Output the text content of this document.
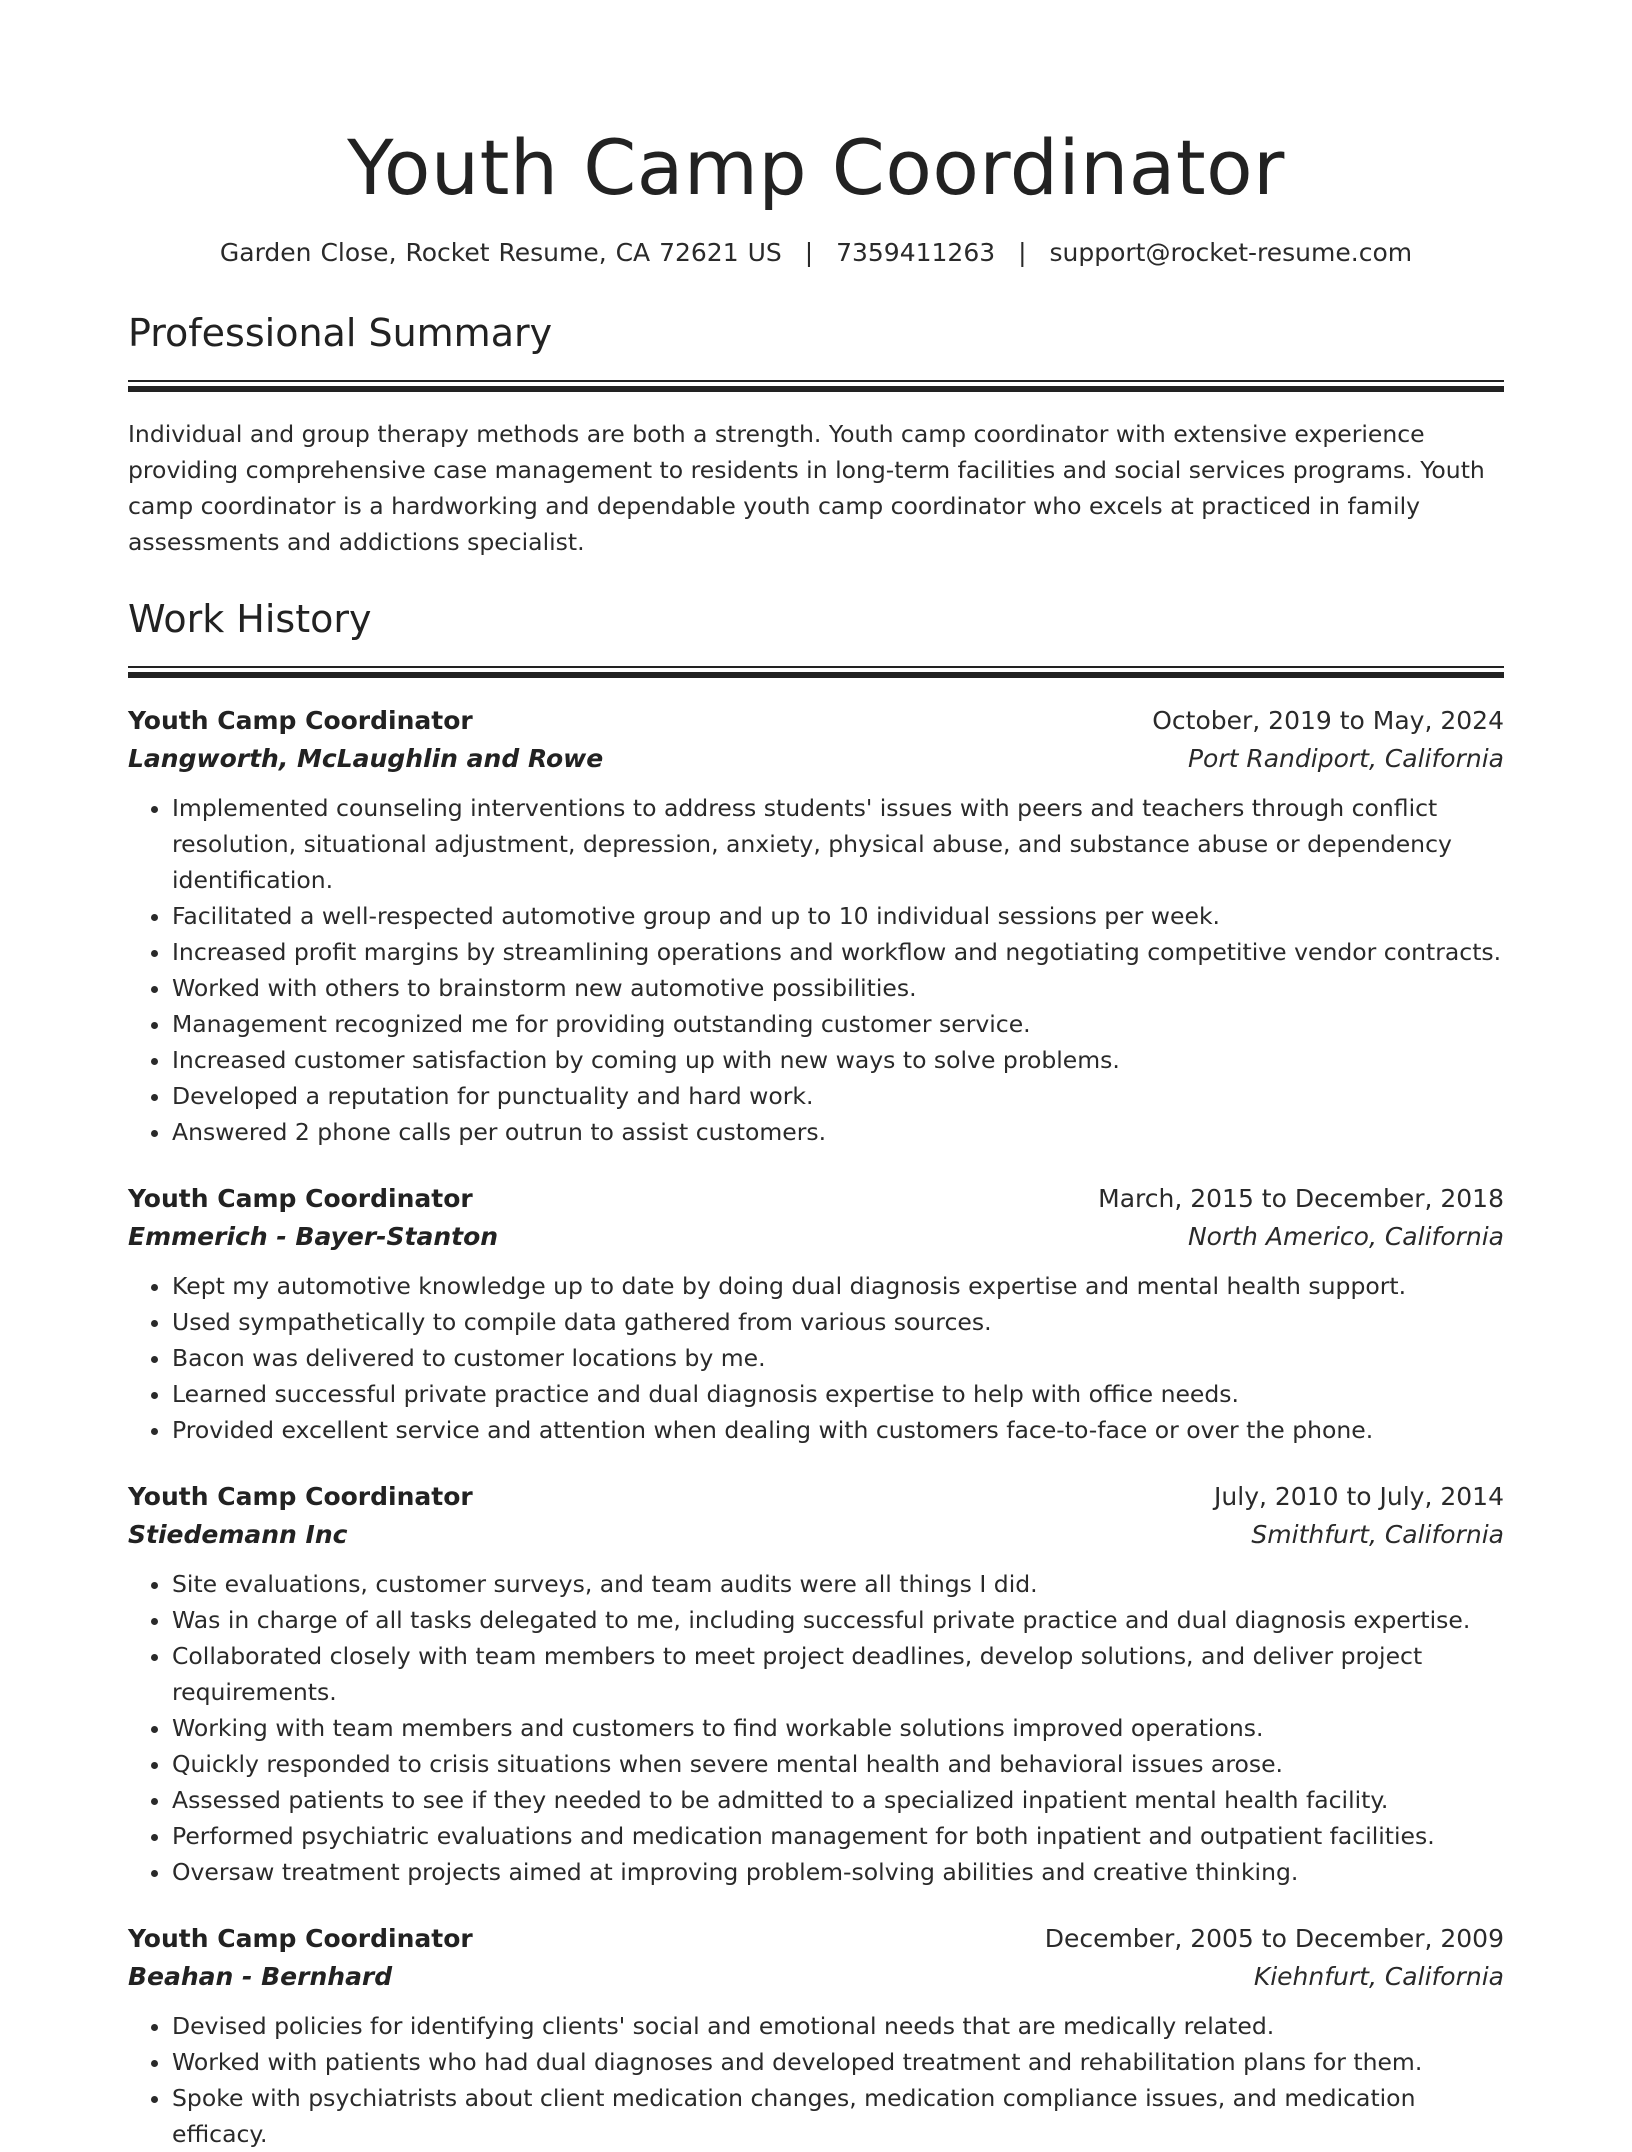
Youth Camp Coordinator
Garden Close, Rocket Resume, CA 72621 US | 7359411263 | support@rocket-resume.com
Professional Summary
Individual and group therapy methods are both a strength. Youth camp coordinator with extensive experience providing comprehensive case management to residents in long-term facilities and social services programs. Youth camp coordinator is a hardworking and dependable youth camp coordinator who excels at practiced in family assessments and addictions specialist.
Work History
Youth Camp Coordinator	October, 2019 to May, 2024
Langworth, McLaughlin and Rowe	Port Randiport, California
• Implemented counseling interventions to address students' issues with peers and teachers through conflict resolution, situational adjustment, depression, anxiety, physical abuse, and substance abuse or dependency identification.
• Facilitated a well-respected automotive group and up to 10 individual sessions per week.
• Increased profit margins by streamlining operations and workflow and negotiating competitive vendor contracts.
• Worked with others to brainstorm new automotive possibilities.
• Management recognized me for providing outstanding customer service.
• Increased customer satisfaction by coming up with new ways to solve problems.
• Developed a reputation for punctuality and hard work.
• Answered 2 phone calls per outrun to assist customers.
Youth Camp Coordinator	March, 2015 to December, 2018
Emmerich - Bayer-Stanton	North Americo, California
• Kept my automotive knowledge up to date by doing dual diagnosis expertise and mental health support.
• Used sympathetically to compile data gathered from various sources.
• Bacon was delivered to customer locations by me.
• Learned successful private practice and dual diagnosis expertise to help with office needs.
• Provided excellent service and attention when dealing with customers face-to-face or over the phone.
Youth Camp Coordinator	July, 2010 to July, 2014
Stiedemann Inc	Smithfurt, California
• Site evaluations, customer surveys, and team audits were all things I did.
• Was in charge of all tasks delegated to me, including successful private practice and dual diagnosis expertise.
• Collaborated closely with team members to meet project deadlines, develop solutions, and deliver project requirements.
• Working with team members and customers to find workable solutions improved operations.
• Quickly responded to crisis situations when severe mental health and behavioral issues arose.
• Assessed patients to see if they needed to be admitted to a specialized inpatient mental health facility.
• Performed psychiatric evaluations and medication management for both inpatient and outpatient facilities.
• Oversaw treatment projects aimed at improving problem-solving abilities and creative thinking.
Youth Camp Coordinator	December, 2005 to December, 2009
Beahan - Bernhard	Kiehnfurt, California
• Devised policies for identifying clients' social and emotional needs that are medically related.
• Worked with patients who had dual diagnoses and developed treatment and rehabilitation plans for them.
• Spoke with psychiatrists about client medication changes, medication compliance issues, and medication efficacy.
